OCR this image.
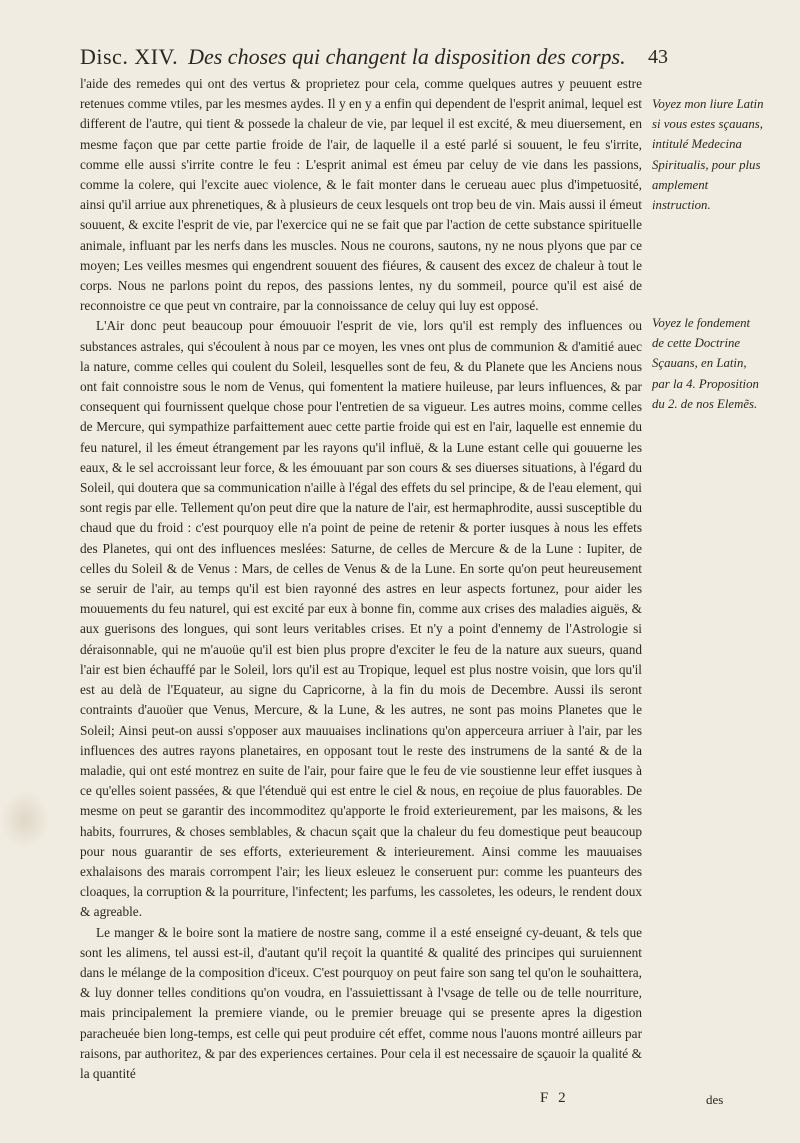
Disc. XIV. Des choses qui changent la disposition des corps. 43

l'aide des remedes qui ont des vertus & proprietez pour cela, comme quelques autres y peuuent estre retenues comme vtiles, par les mesmes aydes. Il y en y a enfin qui dependent de l'esprit animal, lequel est different de l'autre, qui tient & possede la chaleur de vie, par lequel il est excité, & meu diuersement, en mesme façon que par cette partie froide de l'air, de laquelle il a esté parlé si souuent, le feu s'irrite, comme elle aussi s'irrite contre le feu : L'esprit animal est émeu par celuy de vie dans les passions, comme la colere, qui l'excite auec violence, & le fait monter dans le cerueau auec plus d'impetuosité, ainsi qu'il arriue aux phrenetiques, & à plusieurs de ceux lesquels ont trop beu de vin. Mais aussi il émeut souuent, & excite l'esprit de vie, par l'exercice qui ne se fait que par l'action de cette substance spirituelle animale, influant par les nerfs dans les muscles. Nous ne courons, sautons, ny ne nous plyons que par ce moyen; Les veilles mesmes qui engendrent souuent des fiéures, & causent des excez de chaleur à tout le corps. Nous ne parlons point du repos, des passions lentes, ny du sommeil, pource qu'il est aisé de reconnoistre ce que peut vn contraire, par la connoissance de celuy qui luy est opposé.

L'Air donc peut beaucoup pour émouuoir l'esprit de vie, lors qu'il est remply des influences ou substances astrales, qui s'écoulent à nous par ce moyen, les vnes ont plus de communion & d'amitié auec la nature, comme celles qui coulent du Soleil, lesquelles sont de feu, & du Planete que les Anciens nous ont fait connoistre sous le nom de Venus, qui fomentent la matiere huileuse, par leurs influences, & par consequent qui fournissent quelque chose pour l'entretien de sa vigueur. Les autres moins, comme celles de Mercure, qui sympathize parfaittement auec cette partie froide qui est en l'air, laquelle est ennemie du feu naturel, il les émeut étrangement par les rayons qu'il influë, & la Lune estant celle qui gouuerne les eaux, & le sel accroissant leur force, & les émouuant par son cours & ses diuerses situations, à l'égard du Soleil, qui doutera que sa communication n'aille à l'égal des effets du sel principe, & de l'eau element, qui sont regis par elle. Tellement qu'on peut dire que la nature de l'air, est hermaphrodite, aussi susceptible du chaud que du froid : c'est pourquoy elle n'a point de peine de retenir & porter iusques à nous les effets des Planetes, qui ont des influences meslées: Saturne, de celles de Mercure & de la Lune : Iupiter, de celles du Soleil & de Venus : Mars, de celles de Venus & de la Lune. En sorte qu'on peut heureusement se seruir de l'air, au temps qu'il est bien rayonné des astres en leur aspects fortunez, pour aider les mouuements du feu naturel, qui est excité par eux à bonne fin, comme aux crises des maladies aiguës, & aux guerisons des longues, qui sont leurs veritables crises. Et n'y a point d'ennemy de l'Astrologie si déraisonnable, qui ne m'auoüe qu'il est bien plus propre d'exciter le feu de la nature aux sueurs, quand l'air est bien échauffé par le Soleil, lors qu'il est au Tropique, lequel est plus nostre voisin, que lors qu'il est au delà de l'Equateur, au signe du Capricorne, à la fin du mois de Decembre. Aussi ils seront contraints d'auoüer que Venus, Mercure, & la Lune, & les autres, ne sont pas moins Planetes que le Soleil; Ainsi peut-on aussi s'opposer aux mauuaises inclinations qu'on apperceura arriuer à l'air, par les influences des autres rayons planetaires, en opposant tout le reste des instrumens de la santé & de la maladie, qui ont esté montrez en suite de l'air, pour faire que le feu de vie soustienne leur effet iusques à ce qu'elles soient passées, & que l'étenduë qui est entre le ciel & nous, en reçoiue de plus fauorables. De mesme on peut se garantir des incommoditez qu'apporte le froid exterieurement, par les maisons, & les habits, fourrures, & choses semblables, & chacun sçait que la chaleur du feu domestique peut beaucoup pour nous guarantir de ses efforts, exterieurement & interieurement. Ainsi comme les mauuaises exhalaisons des marais corrompent l'air; les lieux esleuez le conseruent pur: comme les puanteurs des cloaques, la corruption & la pourriture, l'infectent; les parfums, les cassoletes, les odeurs, le rendent doux & agreable.

Le manger & le boire sont la matiere de nostre sang, comme il a esté enseigné cy-deuant, & tels que sont les alimens, tel aussi est-il, d'autant qu'il reçoit la quantité & qualité des principes qui suruiennent dans le mélange de la composition d'iceux. C'est pourquoy on peut faire son sang tel qu'on le souhaittera, & luy donner telles conditions qu'on voudra, en l'assuiettissant à l'vsage de telle ou de telle nourriture, mais principalement la premiere viande, ou le premier breuage qui se presente apres la digestion paracheuée bien long-temps, est celle qui peut produire cét effet, comme nous l'auons montré ailleurs par raisons, par authoritez, & par des experiences certaines. Pour cela il est necessaire de sçauoir la qualité & la quantité

Voyez mon liure Latin si vous estes sçauans, intitulé Medecina Spiritualis, pour plus amplement instruction.
Voyez le fondement de cette Doctrine Sçauans, en Latin, par la 4. Proposition du 2. de nos Elemẽs.
F 2	des
